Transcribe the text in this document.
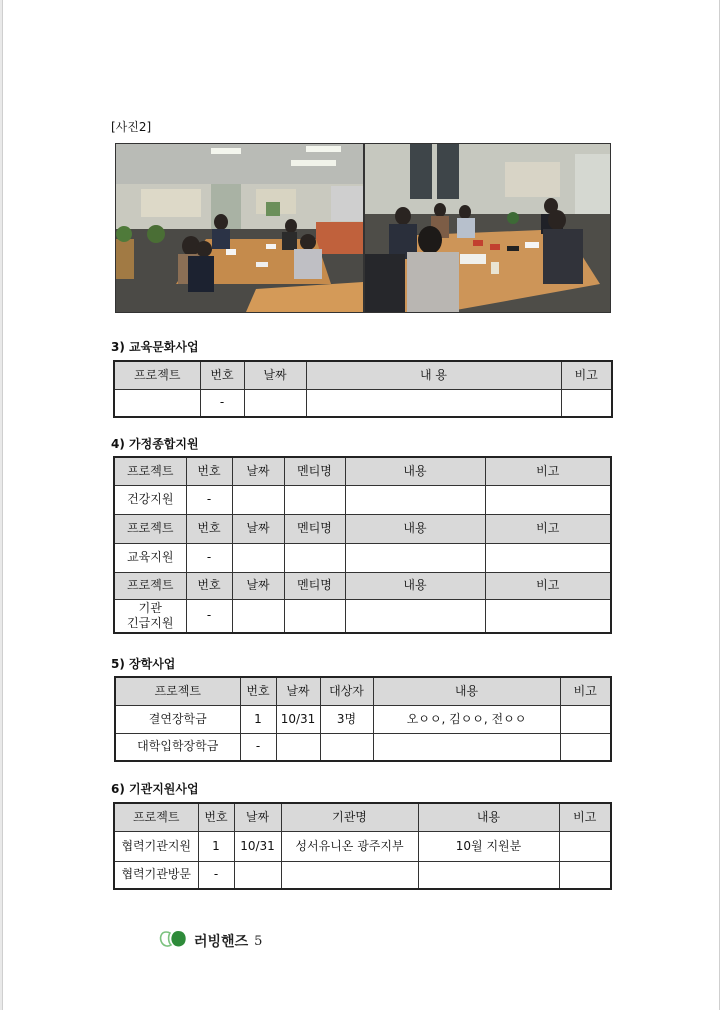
[사진2]
3) 교육문화사업
프로젝트	번호	날짜	내 용	비고
	-			
4) 가정종합지원
프로젝트	번호	날짜	멘티명	내용	비고
건강지원	-				
프로젝트	번호	날짜	멘티명	내용	비고
교육지원	-				
프로젝트	번호	날짜	멘티명	내용	비고
기관
긴급지원	-				
5) 장학사업
프로젝트	번호	날짜	대상자	내용	비고
결연장학금	1	10/31	3명	오ㅇㅇ, 김ㅇㅇ, 전ㅇㅇ	
대학입학장학금	-				
6) 기관지원사업
프로젝트	번호	날짜	기관명	내용	비고
협력기관지원	1	10/31	성서유니온 광주지부	10월 지원분	
협력기관방문	-				
러빙핸즈 5
